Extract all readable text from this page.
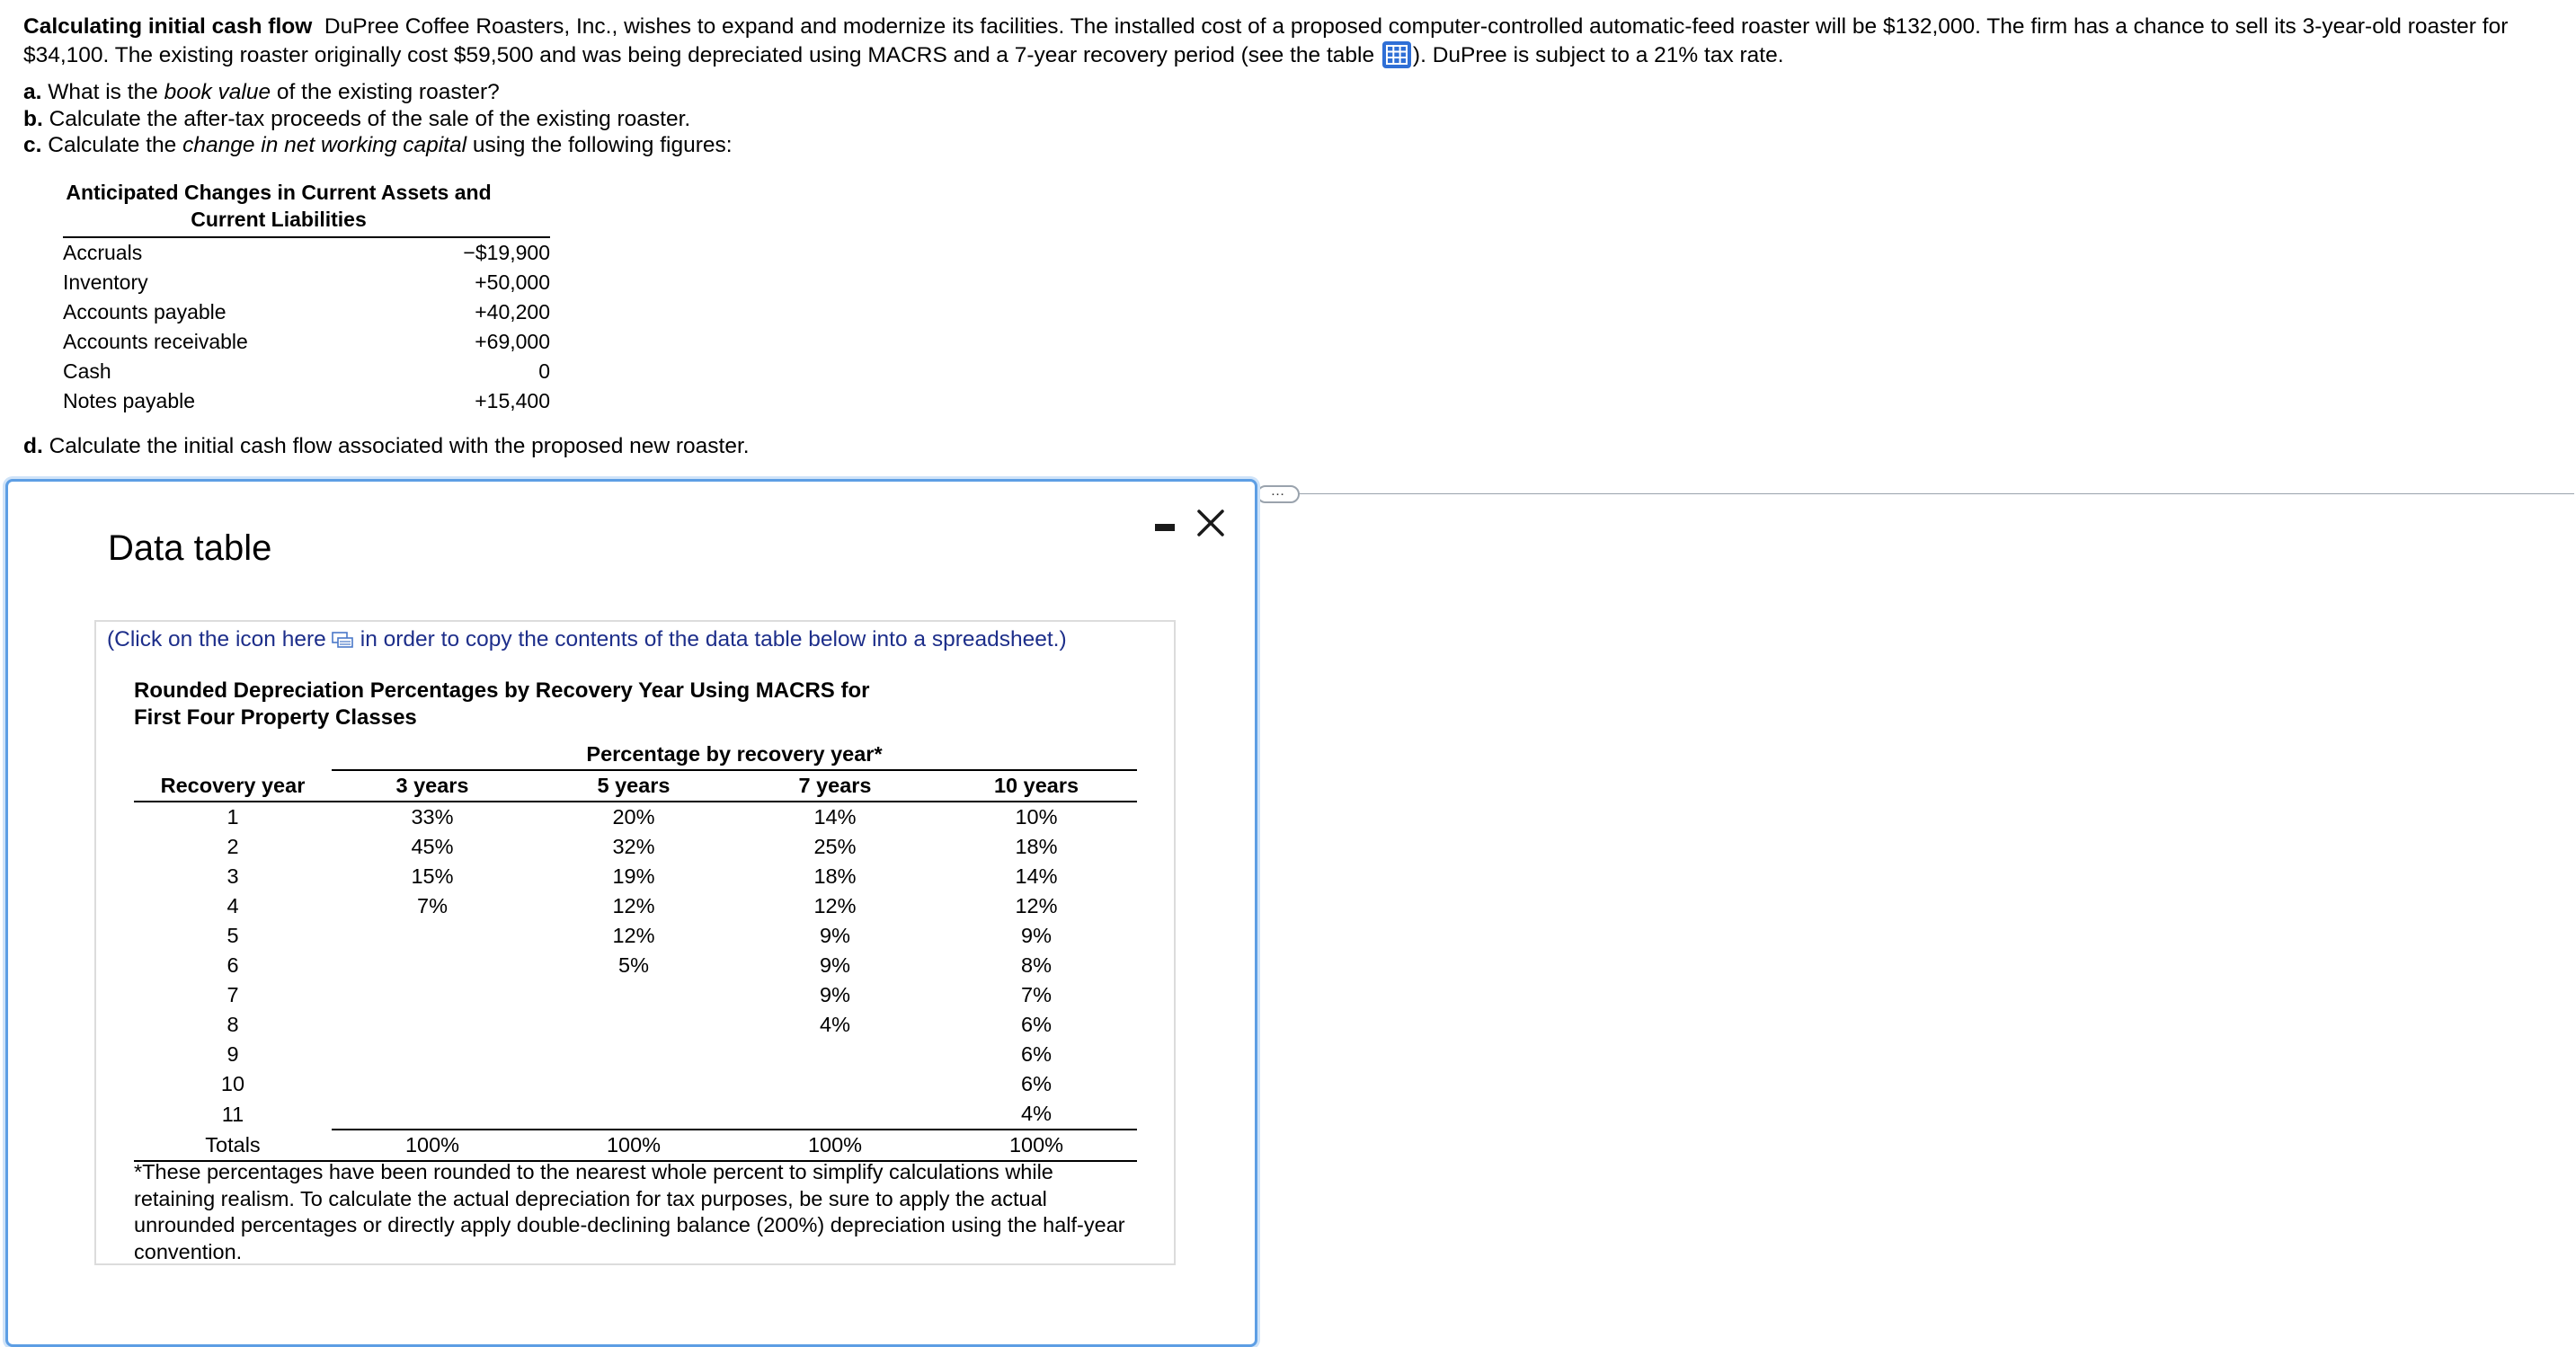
Calculating initial cash flow DuPree Coffee Roasters, Inc., wishes to expand and modernize its facilities. The installed cost of a proposed computer-controlled automatic-feed roaster will be $132,000. The firm has a chance to sell its 3-year-old roaster for $34,100. The existing roaster originally cost $59,500 and was being depreciated using MACRS and a 7-year recovery period (see the table
). DuPree is subject to a 21% tax rate.

a. What is the book value of the existing roaster?
b. Calculate the after-tax proceeds of the sale of the existing roaster.
c. Calculate the change in net working capital using the following figures:
Anticipated Changes in Current Assets and
Current Liabilities
Accruals	−$19,900
Inventory	+50,000
Accounts payable	+40,200
Accounts receivable	+69,000
Cash	0
Notes payable	+15,400
d. Calculate the initial cash flow associated with the proposed new roaster.
…
Data table
(Click on the icon here in order to copy the contents of the data table below into a spreadsheet.)
Rounded Depreciation Percentages by Recovery Year Using MACRS for
First Four Property Classes
	Percentage by recovery year*			
Recovery year	3 years	5 years	7 years	10 years
1	33%	20%	14%	10%
2	45%	32%	25%	18%
3	15%	19%	18%	14%
4	7%	12%	12%	12%
5		12%	9%	9%
6		5%	9%	8%
7			9%	7%
8			4%	6%
9				6%
10				6%
11				4%
Totals	100%	100%	100%	100%
*These percentages have been rounded to the nearest whole percent to simplify calculations while retaining realism. To calculate the actual depreciation for tax purposes, be sure to apply the actual unrounded percentages or directly apply double-declining balance (200%) depreciation using the half-year convention.
